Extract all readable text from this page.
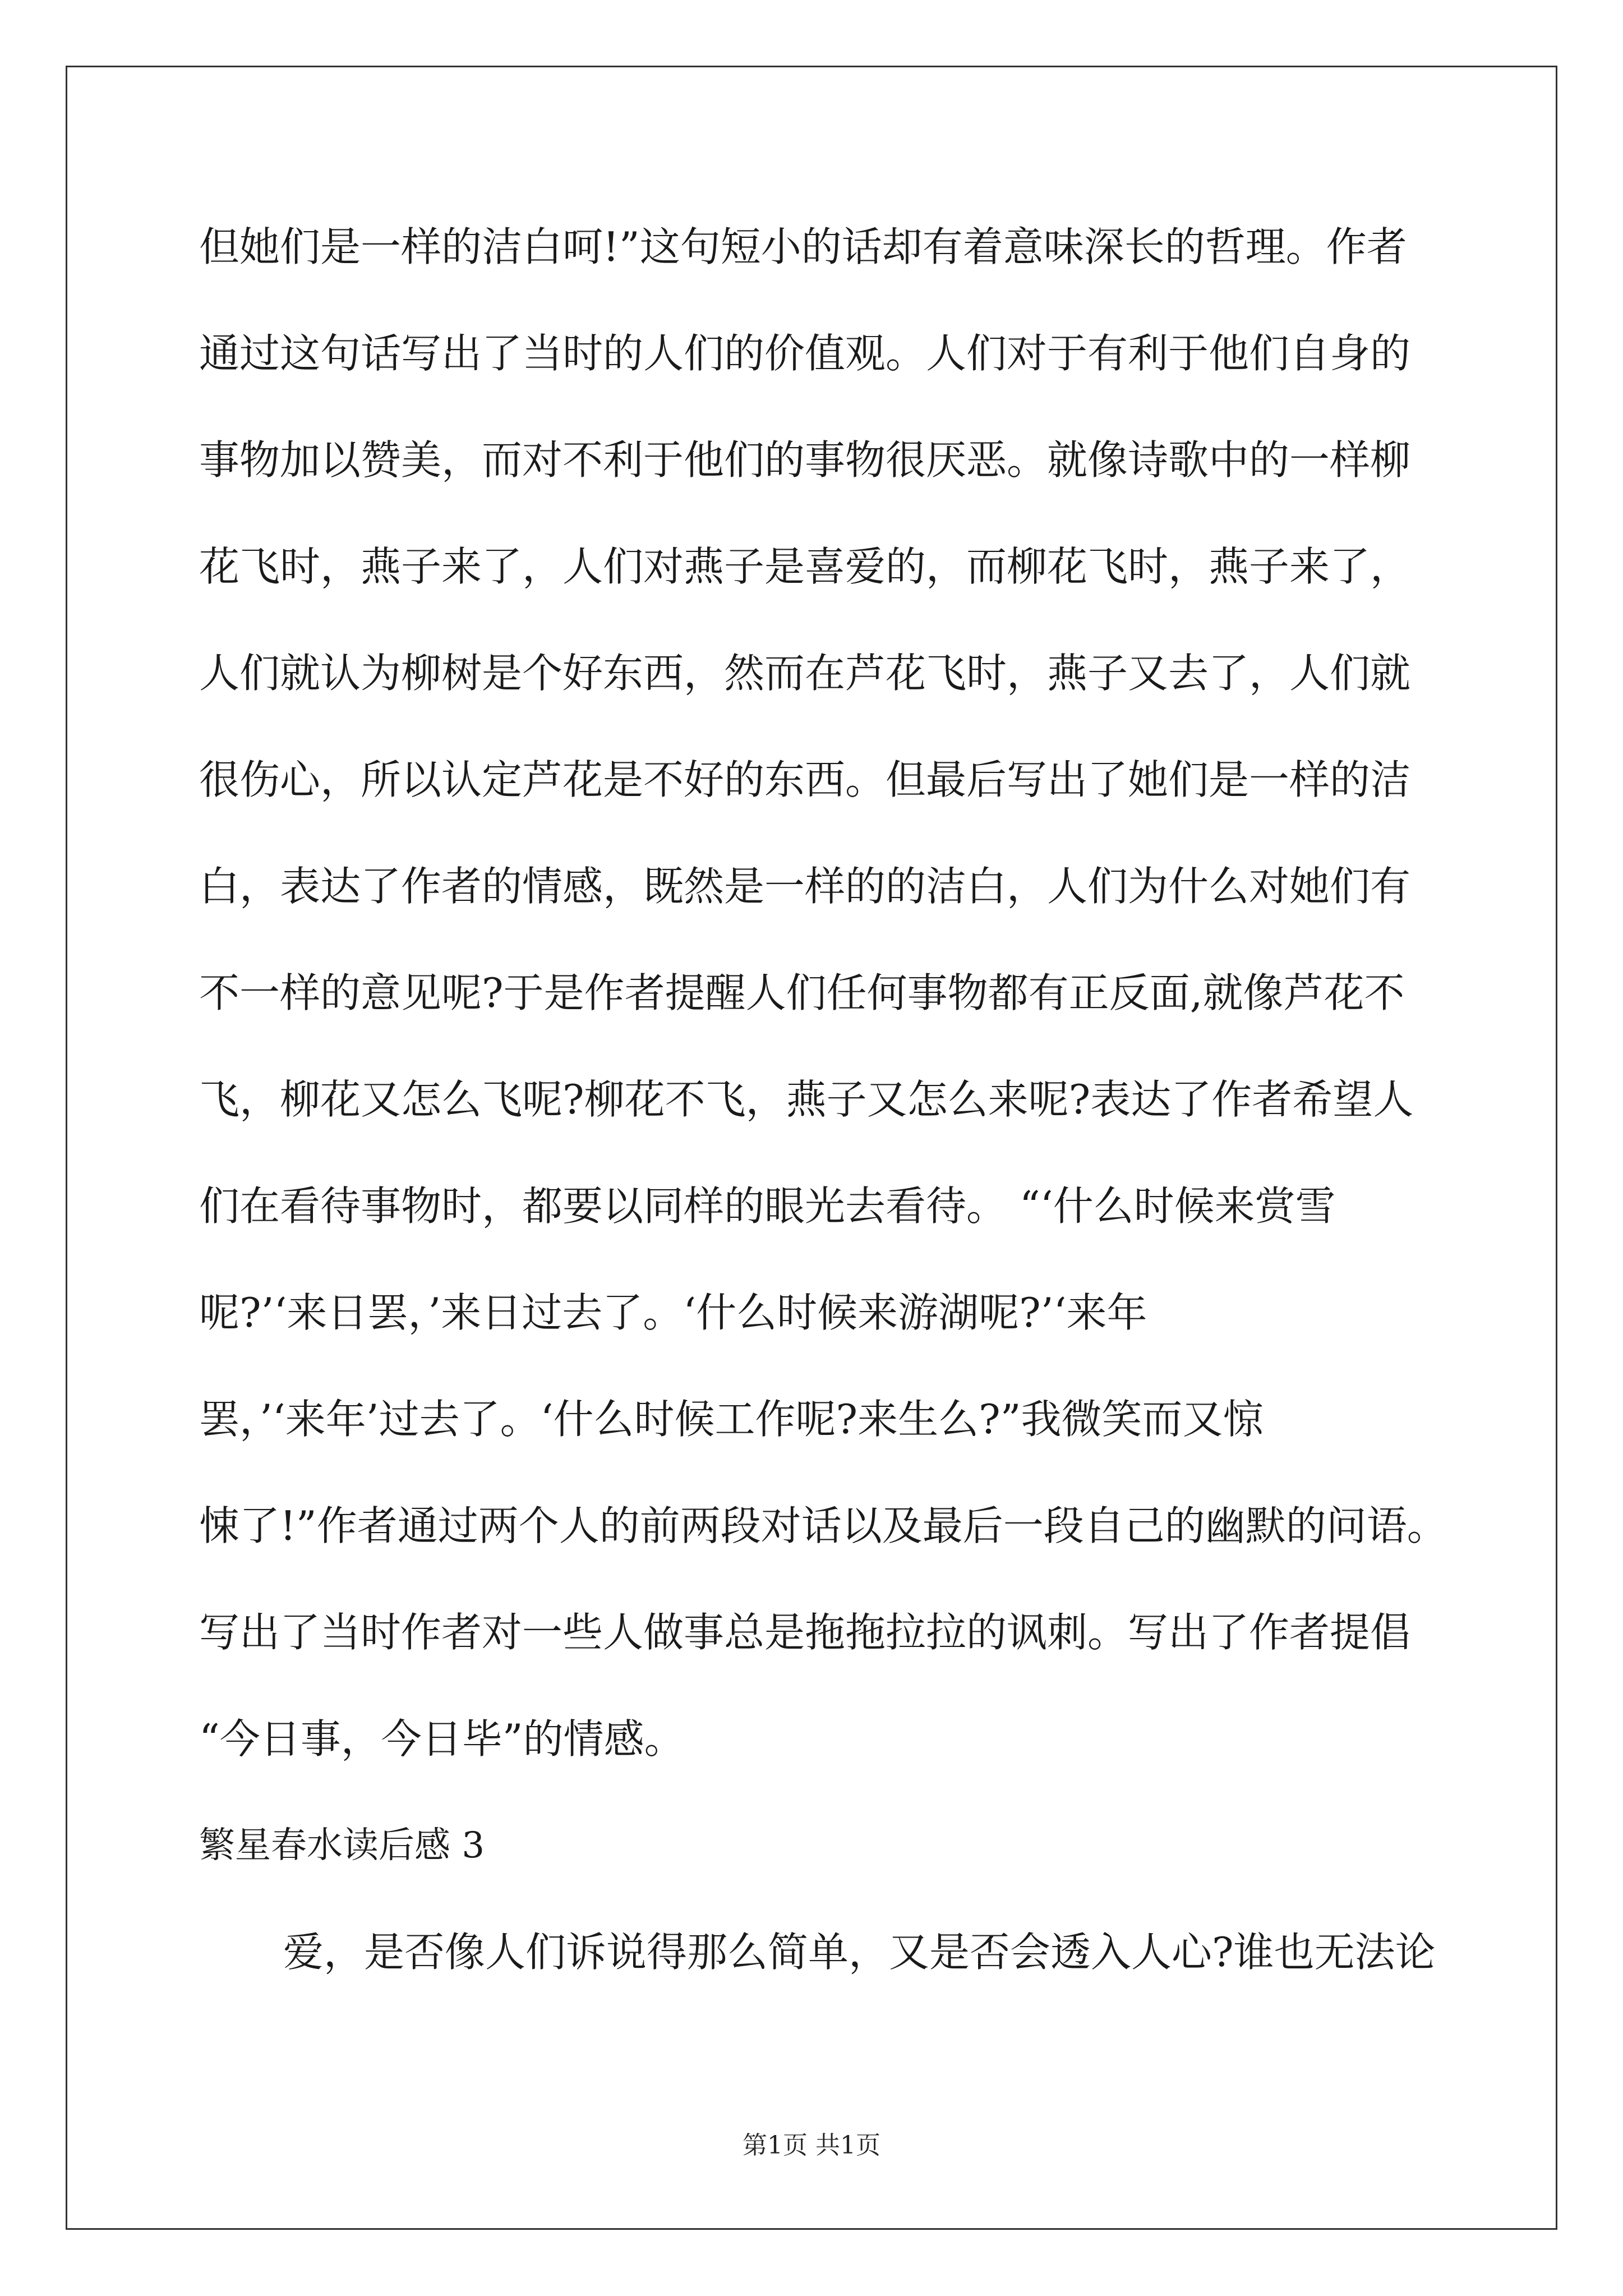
但她们是一样的洁白呵!”这句短小的话却有着意味深长的哲理。作者
通过这句话写出了当时的人们的价值观。人们对于有利于他们自身的
事物加以赞美，而对不利于他们的事物很厌恶。就像诗歌中的一样柳
花飞时，燕子来了，人们对燕子是喜爱的，而柳花飞时，燕子来了，
人们就认为柳树是个好东西，然而在芦花飞时，燕子又去了，人们就
很伤心，所以认定芦花是不好的东西。但最后写出了她们是一样的洁
白，表达了作者的情感，既然是一样的的洁白，人们为什么对她们有
不一样的意见呢?于是作者提醒人们任何事物都有正反面,就像芦花不
飞，柳花又怎么飞呢?柳花不飞，燕子又怎么来呢?表达了作者希望人
们在看待事物时，都要以同样的眼光去看待。 “‘什么时候来赏雪
呢?’‘来日罢，’来日过去了。‘什么时候来游湖呢?’‘来年
罢，’‘来年’过去了。‘什么时候工作呢?来生么?”我微笑而又惊
悚了!”作者通过两个人的前两段对话以及最后一段自己的幽默的问语。
写出了当时作者对一些人做事总是拖拖拉拉的讽刺。写出了作者提倡
“今日事，今日毕”的情感。
繁星春水读后感 3
爱，是否像人们诉说得那么简单，又是否会透入人心?谁也无法论
第1页 共1页
